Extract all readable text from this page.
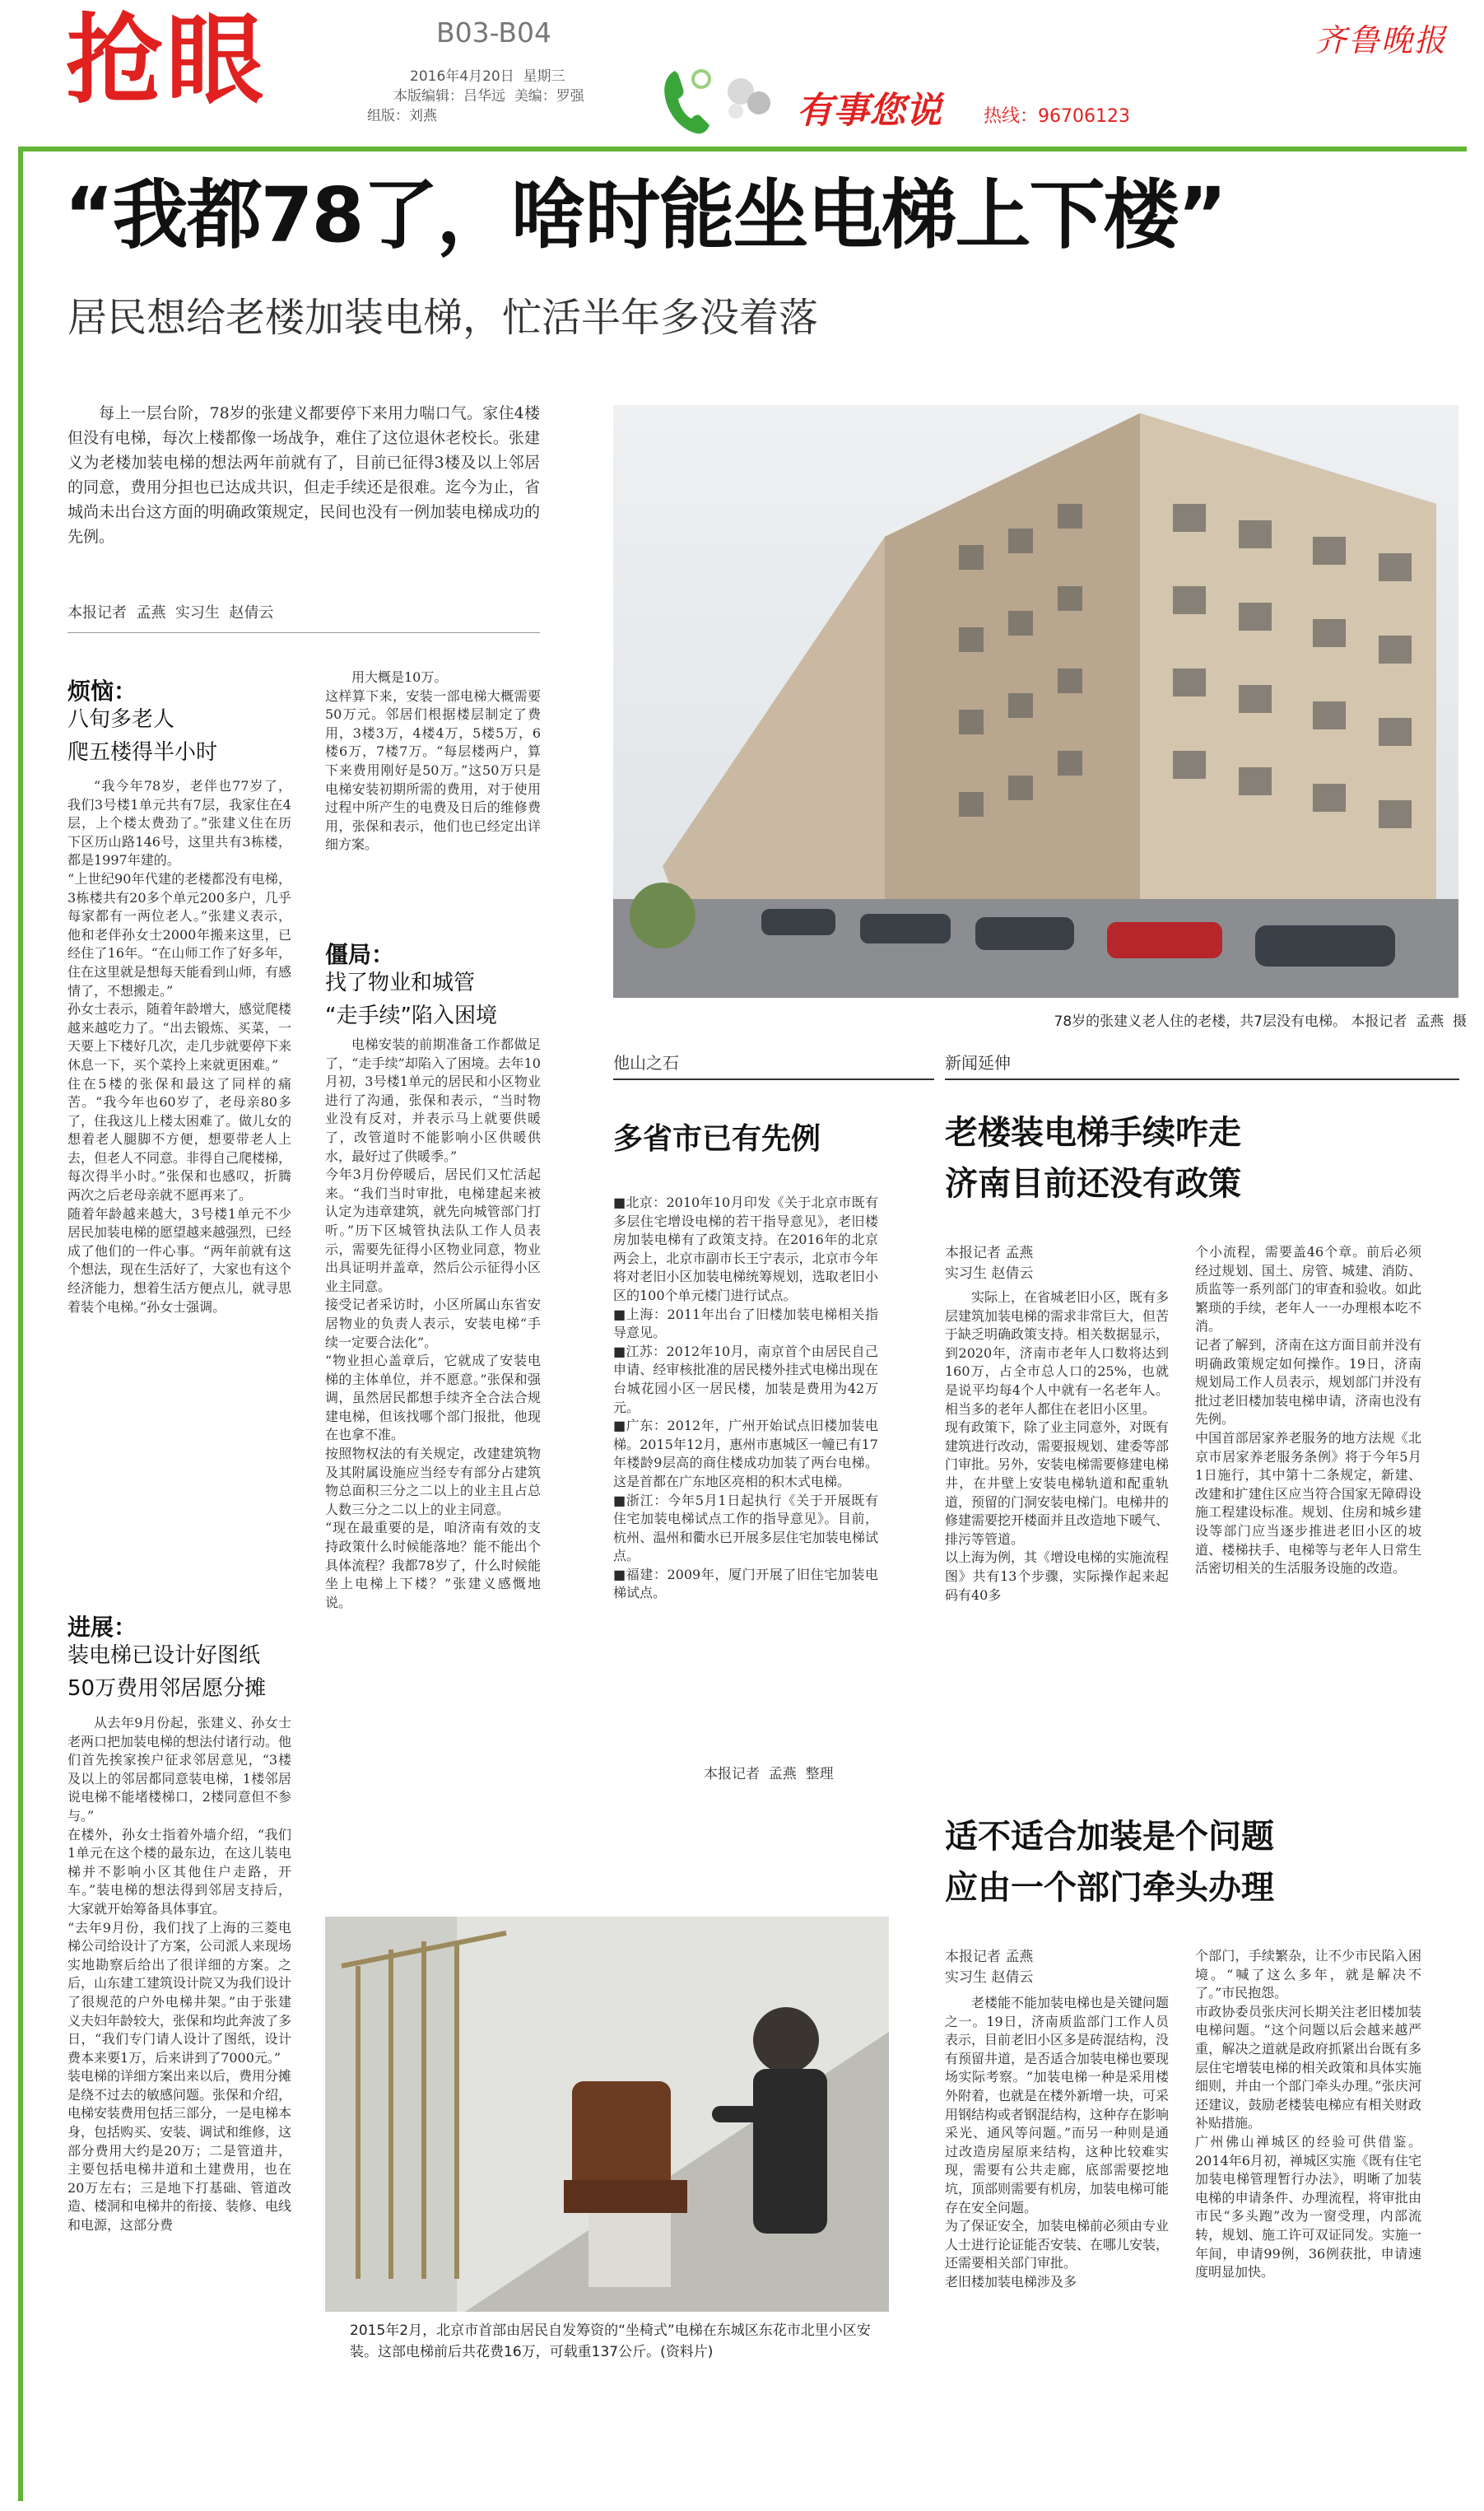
抢眼	B03-B04
2016年4月20日 星期三
本版编辑：吕华远 美编：罗强
组版：刘燕	有事您说 热线：96706123
齐鲁晚报
“我都78了，啥时能坐电梯上下楼”
居民想给老楼加装电梯，忙活半年多没着落
每上一层台阶，78岁的张建义都要停下来用力喘口气。家住4楼但没有电梯，每次上楼都像一场战争，难住了这位退休老校长。张建义为老楼加装电梯的想法两年前就有了，目前已征得3楼及以上邻居的同意，费用分担也已达成共识，但走手续还是很难。迄今为止，省城尚未出台这方面的明确政策规定，民间也没有一例加装电梯成功的先例。
本报记者  孟燕  实习生  赵倩云
烦恼：
八旬多老人
爬五楼得半小时
“我今年78岁，老伴也77岁了，我们3号楼1单元共有7层，我家住在4层，上个楼太费劲了。”张建义住在历下区历山路146号，这里共有3栋楼，都是1997年建的。
“上世纪90年代建的老楼都没有电梯，3栋楼共有20多个单元200多户，几乎每家都有一两位老人。”张建义表示，他和老伴孙女士2000年搬来这里，已经住了16年。“在山师工作了好多年，住在这里就是想每天能看到山师，有感情了，不想搬走。”
孙女士表示，随着年龄增大，感觉爬楼越来越吃力了。“出去锻炼、买菜，一天要上下楼好几次，走几步就要停下来休息一下，买个菜拎上来就更困难。”
住在5楼的张保和最这了同样的痛苦。“我今年也60岁了，老母亲80多了，住我这儿上楼太困难了。做儿女的想着老人腿脚不方便，想要带老人上去，但老人不同意。非得自己爬楼梯，每次得半小时。”张保和也感叹，折腾两次之后老母亲就不愿再来了。
随着年龄越来越大，3号楼1单元不少居民加装电梯的愿望越来越强烈，已经成了他们的一件心事。“两年前就有这个想法，现在生活好了，大家也有这个经济能力，想着生活方便点儿，就寻思着装个电梯。”孙女士强调。
进展：
装电梯已设计好图纸
50万费用邻居愿分摊
从去年9月份起，张建义、孙女士老两口把加装电梯的想法付诸行动。他们首先挨家挨户征求邻居意见，“3楼及以上的邻居都同意装电梯，1楼邻居说电梯不能堵楼梯口，2楼同意但不参与。”
在楼外，孙女士指着外墙介绍，“我们1单元在这个楼的最东边，在这儿装电梯并不影响小区其他住户走路，开车。”装电梯的想法得到邻居支持后，大家就开始筹备具体事宜。
“去年9月份，我们找了上海的三菱电梯公司给设计了方案，公司派人来现场实地勘察后给出了很详细的方案。之后，山东建工建筑设计院又为我们设计了很规范的户外电梯井架。”由于张建义夫妇年龄较大，张保和均此奔波了多日，“我们专门请人设计了图纸，设计费本来要1万，后来讲到了7000元。”
装电梯的详细方案出来以后，费用分摊是绕不过去的敏感问题。张保和介绍，电梯安装费用包括三部分，一是电梯本身，包括购买、安装、调试和维修，这部分费用大约是20万；二是管道井，主要包括电梯井道和土建费用，也在20万左右；三是地下打基础、管道改造、楼洞和电梯井的衔接、装修、电线和电源，这部分费
用大概是10万。
这样算下来，安装一部电梯大概需要50万元。邻居们根据楼层制定了费用，3楼3万，4楼4万，5楼5万，6楼6万，7楼7万。“每层楼两户，算下来费用刚好是50万。”这50万只是电梯安装初期所需的费用，对于使用过程中所产生的电费及日后的维修费用，张保和表示，他们也已经定出详细方案。
僵局：
找了物业和城管
“走手续”陷入困境
电梯安装的前期准备工作都做足了，“走手续”却陷入了困境。去年10月初，3号楼1单元的居民和小区物业进行了沟通，张保和表示，“当时物业没有反对，并表示马上就要供暖了，改管道时不能影响小区供暖供水，最好过了供暖季。”
今年3月份停暖后，居民们又忙活起来。“我们当时审批，电梯建起来被认定为违章建筑，就先向城管部门打听。”历下区城管执法队工作人员表示，需要先征得小区物业同意，物业出具证明并盖章，然后公示征得小区业主同意。
接受记者采访时，小区所属山东省安居物业的负责人表示，安装电梯“手续一定要合法化”。
“物业担心盖章后，它就成了安装电梯的主体单位，并不愿意。”张保和强调，虽然居民都想手续齐全合法合规建电梯，但该找哪个部门报批，他现在也拿不准。
按照物权法的有关规定，改建建筑物及其附属设施应当经专有部分占建筑物总面积三分之二以上的业主且占总人数三分之二以上的业主同意。
“现在最重要的是，咱济南有效的支持政策什么时候能落地？能不能出个具体流程？我都78岁了，什么时候能坐上电梯上下楼？”张建义感慨地说。
78岁的张建义老人住的老楼，共7层没有电梯。 本报记者  孟燕  摄
他山之石
多省市已有先例
■北京：2010年10月印发《关于北京市既有多层住宅增设电梯的若干指导意见》，老旧楼房加装电梯有了政策支持。在2016年的北京两会上，北京市副市长王宁表示，北京市今年将对老旧小区加装电梯统筹规划，选取老旧小区的100个单元楼门进行试点。
■上海：2011年出台了旧楼加装电梯相关指导意见。
■江苏：2012年10月，南京首个由居民自己申请、经审核批准的居民楼外挂式电梯出现在台城花园小区一居民楼，加装是费用为42万元。
■广东：2012年，广州开始试点旧楼加装电梯。2015年12月，惠州市惠城区一幢已有17年楼龄9层高的商住楼成功加装了两台电梯。这是首都在广东地区亮相的积木式电梯。
■浙江：今年5月1日起执行《关于开展既有住宅加装电梯试点工作的指导意见》。目前，杭州、温州和衢水已开展多层住宅加装电梯试点。
■福建：2009年，厦门开展了旧住宅加装电梯试点。
本报记者  孟燕  整理
新闻延伸
老楼装电梯手续咋走
济南目前还没有政策
本报记者 孟燕
实习生 赵倩云
实际上，在省城老旧小区，既有多层建筑加装电梯的需求非常巨大，但苦于缺乏明确政策支持。相关数据显示，到2020年，济南市老年人口数将达到160万，占全市总人口的25%，也就是说平均每4个人中就有一名老年人。相当多的老年人都住在老旧小区里。
现有政策下，除了业主同意外，对既有建筑进行改动，需要报规划、建委等部门审批。另外，安装电梯需要修建电梯井，在井壁上安装电梯轨道和配重轨道，预留的门洞安装电梯门。电梯井的修建需要挖开楼面并且改造地下暖气、排污等管道。
以上海为例，其《增设电梯的实施流程图》共有13个步骤，实际操作起来起码有40多
个小流程，需要盖46个章。前后必须经过规划、国土、房管、城建、消防、质监等一系列部门的审查和验收。如此繁琐的手续，老年人一一办理根本吃不消。
记者了解到，济南在这方面目前并没有明确政策规定如何操作。19日，济南规划局工作人员表示，规划部门并没有批过老旧楼加装电梯申请，济南也没有先例。
中国首部居家养老服务的地方法规《北京市居家养老服务条例》将于今年5月1日施行，其中第十二条规定，新建、改建和扩建住区应当符合国家无障碍设施工程建设标准。规划、住房和城乡建设等部门应当逐步推进老旧小区的坡道、楼梯扶手、电梯等与老年人日常生活密切相关的生活服务设施的改造。
适不适合加装是个问题
应由一个部门牵头办理
本报记者 孟燕
实习生 赵倩云
老楼能不能加装电梯也是关键问题之一。19日，济南质监部门工作人员表示，目前老旧小区多是砖混结构，没有预留井道，是否适合加装电梯也要现场实际考察。“加装电梯一种是采用楼外附着，也就是在楼外新增一块，可采用钢结构或者钢混结构，这种存在影响采光、通风等问题。”而另一种则是通过改造房屋原来结构，这种比较难实现，需要有公共走廊，底部需要挖地坑，顶部则需要有机房，加装电梯可能存在安全问题。
为了保证安全，加装电梯前必须由专业人士进行论证能否安装、在哪儿安装，还需要相关部门审批。
老旧楼加装电梯涉及多
个部门，手续繁杂，让不少市民陷入困境。“喊了这么多年，就是解决不了。”市民抱怨。
市政协委员张庆河长期关注老旧楼加装电梯问题。“这个问题以后会越来越严重，解决之道就是政府抓紧出台既有多层住宅增装电梯的相关政策和具体实施细则，并由一个部门牵头办理。”张庆河还建议，鼓励老楼装电梯应有相关财政补贴措施。
广州佛山禅城区的经验可供借鉴。2014年6月初，禅城区实施《既有住宅加装电梯管理暂行办法》，明晰了加装电梯的申请条件、办理流程，将审批由市民“多头跑”改为一窗受理，内部流转，规划、施工许可双证同发。实施一年间，申请99例，36例获批，申请速度明显加快。
2015年2月，北京市首部由居民自发筹资的“坐椅式”电梯在东城区东花市北里小区安装。这部电梯前后共花费16万，可载重137公斤。(资料片)
